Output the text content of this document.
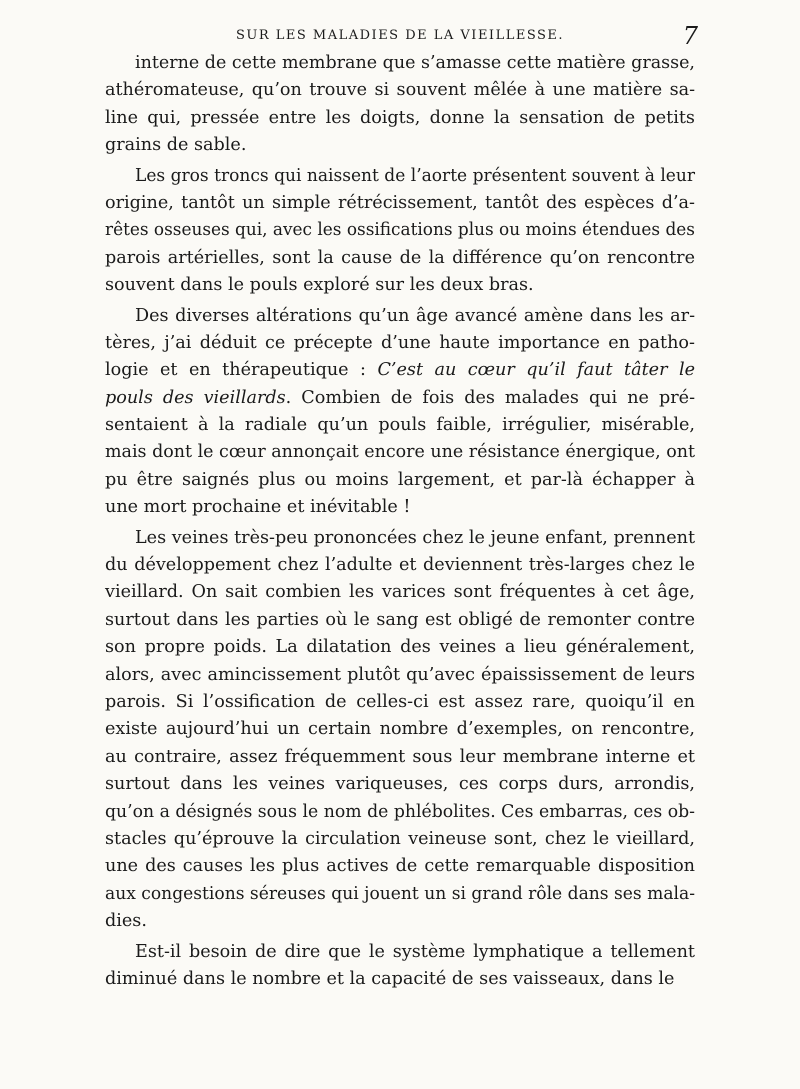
SUR LES MALADIES DE LA VIEILLESSE.	7
interne de cette membrane que s’amasse cette matière grasse,
athéromateuse, qu’on trouve si souvent mêlée à une matière sa-
line qui, pressée entre les doigts, donne la sensation de petits
grains de sable.
Les gros troncs qui naissent de l’aorte présentent souvent à leur
origine, tantôt un simple rétrécissement, tantôt des espèces d’a-
rêtes osseuses qui, avec les ossifications plus ou moins étendues des
parois artérielles, sont la cause de la différence qu’on rencontre
souvent dans le pouls exploré sur les deux bras.
Des diverses altérations qu’un âge avancé amène dans les ar-
tères, j’ai déduit ce précepte d’une haute importance en patho-
logie et en thérapeutique : C’est au cœur qu’il faut tâter le
pouls des vieillards. Combien de fois des malades qui ne pré-
sentaient à la radiale qu’un pouls faible, irrégulier, misérable,
mais dont le cœur annonçait encore une résistance énergique, ont
pu être saignés plus ou moins largement, et par-là échapper à
une mort prochaine et inévitable !
Les veines très-peu prononcées chez le jeune enfant, prennent
du développement chez l’adulte et deviennent très-larges chez le
vieillard. On sait combien les varices sont fréquentes à cet âge,
surtout dans les parties où le sang est obligé de remonter contre
son propre poids. La dilatation des veines a lieu généralement,
alors, avec amincissement plutôt qu’avec épaississement de leurs
parois. Si l’ossification de celles-ci est assez rare, quoiqu’il en
existe aujourd’hui un certain nombre d’exemples, on rencontre,
au contraire, assez fréquemment sous leur membrane interne et
surtout dans les veines variqueuses, ces corps durs, arrondis,
qu’on a désignés sous le nom de phlébolites. Ces embarras, ces ob-
stacles qu’éprouve la circulation veineuse sont, chez le vieillard,
une des causes les plus actives de cette remarquable disposition
aux congestions séreuses qui jouent un si grand rôle dans ses mala-
dies.
Est-il besoin de dire que le système lymphatique a tellement
diminué dans le nombre et la capacité de ses vaisseaux, dans le
